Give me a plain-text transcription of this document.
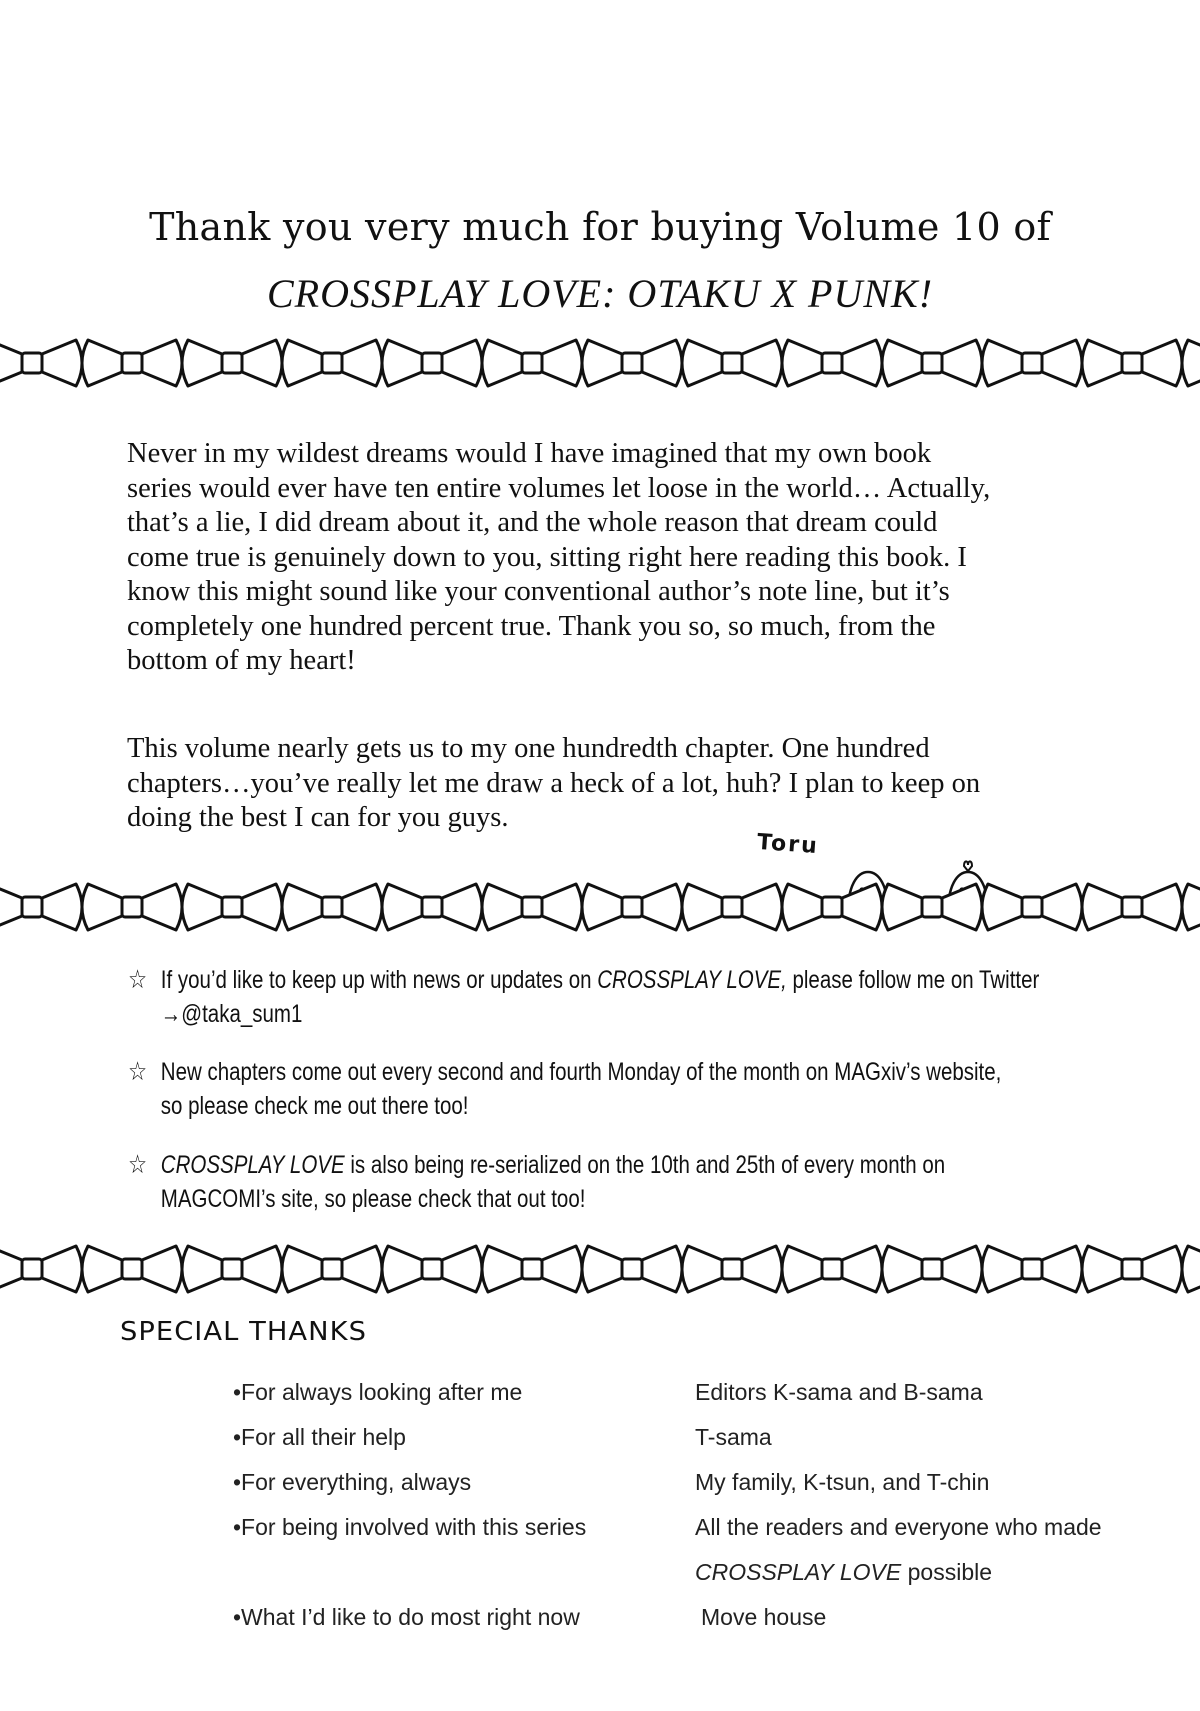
Thank you very much for buying Volume 10 of
CROSSPLAY LOVE: OTAKU X PUNK!
Never in my wildest dreams would I have imagined that my own book
series would ever have ten entire volumes let loose in the world… Actually,
that’s a lie, I did dream about it, and the whole reason that dream could
come true is genuinely down to you, sitting right here reading this book. I
know this might sound like your conventional author’s note line, but it’s
completely one hundred percent true. Thank you so, so much, from the
bottom of my heart!
This volume nearly gets us to my one hundredth chapter. One hundred
chapters…you’ve really let me draw a heck of a lot, huh? I plan to keep on
doing the best I can for you guys.
Toru
☆ If you’d like to keep up with news or updates on CROSSPLAY LOVE, please follow me on Twitter
→@taka_sum1
☆ New chapters come out every second and fourth Monday of the month on MAGxiv’s website,
so please check me out there too!
☆ CROSSPLAY LOVE is also being re-serialized on the 10th and 25th of every month on
MAGCOMI’s site, so please check that out too!
SPECIAL THANKS
•For always looking after me	Editors K-sama and B-sama
•For all their help	T-sama
•For everything, always	My family, K-tsun, and T-chin
•For being involved with this series	All the readers and everyone who made
CROSSPLAY LOVE possible
•What I’d like to do most right now	Move house
